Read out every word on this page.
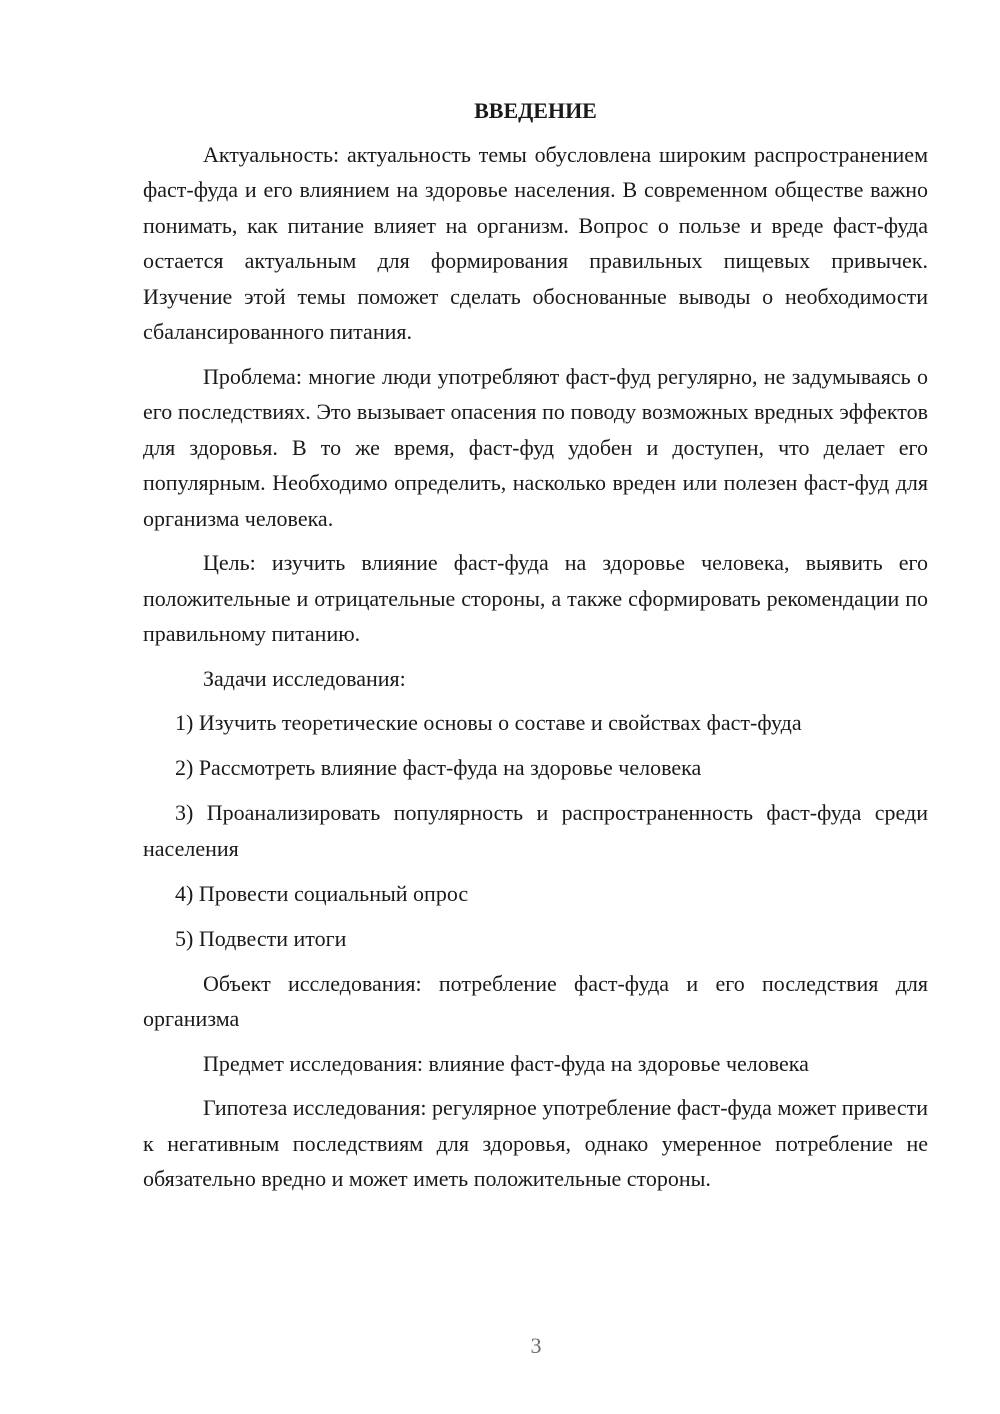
ВВЕДЕНИЕ

Актуальность: актуальность темы обусловлена широким распространением фаст-фуда и его влиянием на здоровье населения. В современном обществе важно понимать, как питание влияет на организм. Вопрос о пользе и вреде фаст-фуда остается актуальным для формирования правильных пищевых привычек. Изучение этой темы поможет сделать обоснованные выводы о необходимости сбалансированного питания.

Проблема: многие люди употребляют фаст-фуд регулярно, не задумываясь о его последствиях. Это вызывает опасения по поводу возможных вредных эффектов для здоровья. В то же время, фаст-фуд удобен и доступен, что делает его популярным. Необходимо определить, насколько вреден или полезен фаст-фуд для организма человека.

Цель: изучить влияние фаст-фуда на здоровье человека, выявить его положительные и отрицательные стороны, а также сформировать рекомендации по правильному питанию.

Задачи исследования:

1) Изучить теоретические основы о составе и свойствах фаст-фуда

2) Рассмотреть влияние фаст-фуда на здоровье человека

3) Проанализировать популярность и распространенность фаст-фуда среди населения

4) Провести социальный опрос

5) Подвести итоги

Объект исследования: потребление фаст-фуда и его последствия для организма

Предмет исследования: влияние фаст-фуда на здоровье человека

Гипотеза исследования: регулярное употребление фаст-фуда может привести к негативным последствиям для здоровья, однако умеренное потребление не обязательно вредно и может иметь положительные стороны.

3
